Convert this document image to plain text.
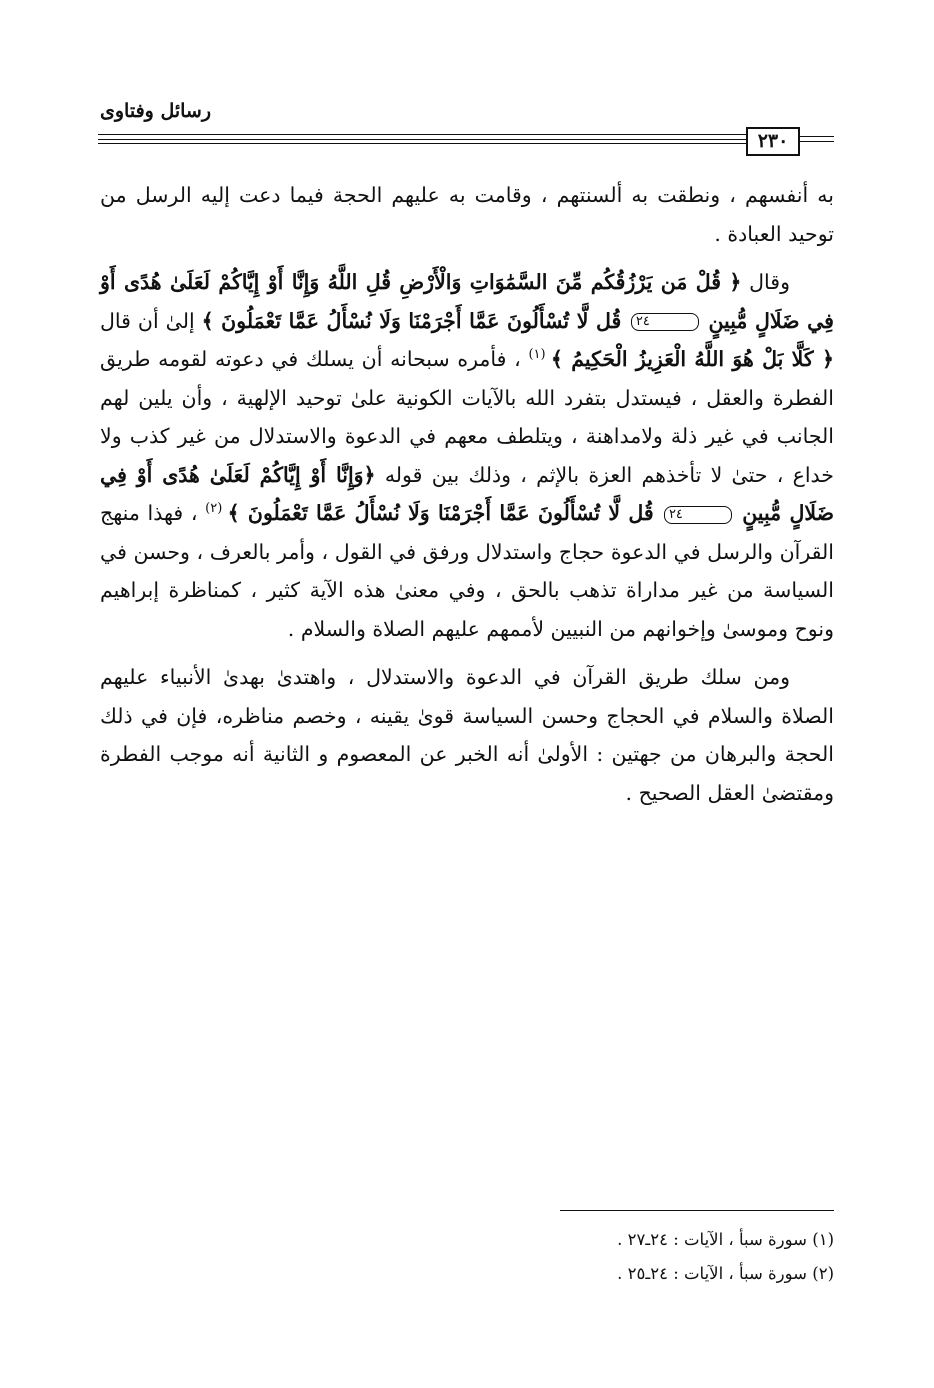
رسائل وفتاوى
٢٣٠

به أنفسهم ، ونطقت به ألسنتهم ، وقامت به عليهم الحجة فيما دعت إليه الرسل من توحيد العبادة .

وقال ﴿ قُلْ مَن يَرْزُقُكُم مِّنَ السَّمَٰوَاتِ وَالْأَرْضِ قُلِ اللَّهُ وَإِنَّا أَوْ إِيَّاكُمْ لَعَلَىٰ هُدًى أَوْ فِي ضَلَالٍ مُّبِينٍ ٢٤ قُل لَّا تُسْأَلُونَ عَمَّا أَجْرَمْنَا وَلَا نُسْأَلُ عَمَّا تَعْمَلُونَ ﴾ إلىٰ أن قال ﴿ كَلَّا بَلْ هُوَ اللَّهُ الْعَزِيزُ الْحَكِيمُ ﴾ $^{(١)}$ ، فأمره سبحانه أن يسلك في دعوته لقومه طريق الفطرة والعقل ، فيستدل بتفرد الله بالآيات الكونية علىٰ توحيد الإلهية ، وأن يلين لهم الجانب في غير ذلة ولامداهنة ، ويتلطف معهم في الدعوة والاستدلال من غير كذب ولا خداع ، حتىٰ لا تأخذهم العزة بالإثم ، وذلك بين قوله ﴿وَإِنَّا أَوْ إِيَّاكُمْ لَعَلَىٰ هُدًى أَوْ فِي ضَلَالٍ مُّبِينٍ ٢٤ قُل لَّا تُسْأَلُونَ عَمَّا أَجْرَمْنَا وَلَا نُسْأَلُ عَمَّا تَعْمَلُونَ ﴾ $^{(٢)}$ ، فهذا منهج القرآن والرسل في الدعوة حجاج واستدلال ورفق في القول ، وأمر بالعرف ، وحسن في السياسة من غير مداراة تذهب بالحق ، وفي معنىٰ هذه الآية كثير ، كمناظرة إبراهيم ونوح وموسىٰ وإخوانهم من النبيين لأممهم عليهم الصلاة والسلام .

ومن سلك طريق القرآن في الدعوة والاستدلال ، واهتدىٰ بهدىٰ الأنبياء عليهم الصلاة والسلام في الحجاج وحسن السياسة قوىٰ يقينه ، وخصم مناظره، فإن في ذلك الحجة والبرهان من جهتين : الأولىٰ أنه الخبر عن المعصوم و الثانية أنه موجب الفطرة ومقتضىٰ العقل الصحيح .

(١) سورة سبأ ، الآيات : ٢٤ـ٢٧ .

(٢) سورة سبأ ، الآيات : ٢٤ـ٢٥ .
